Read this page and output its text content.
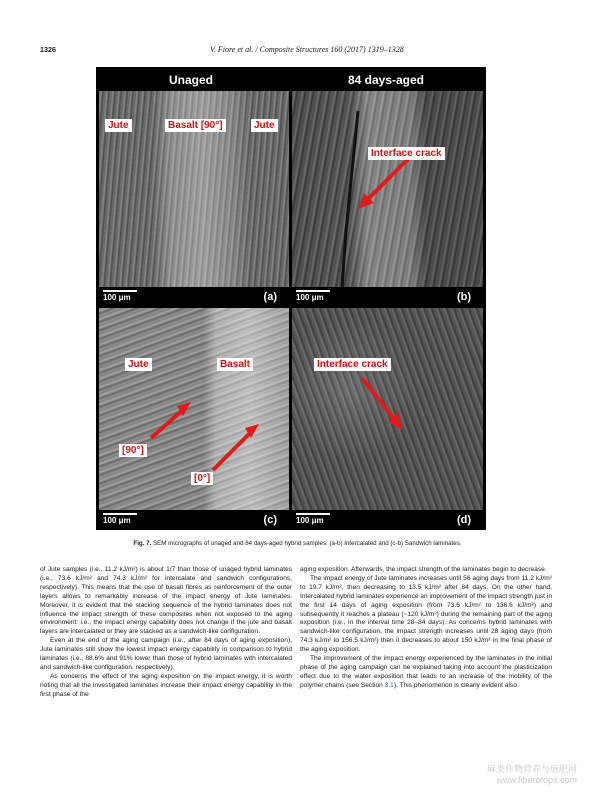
1326	V. Fiore et al. / Composite Structures 160 (2017) 1319–1328
Unaged	84 days-aged
Jute	Basalt [90°]	Jute
100 μm	(a)
Interface crack
100 μm	(b)
Jute	Basalt
[90°]
[0°]
100 μm	(c)
Interface crack
100 μm	(d)
Fig. 7. SEM micrographs of unaged and 84 days-aged hybrid samples: (a-b) Intercalated and (c-b) Sandwich laminates.

of Jute samples (i.e., 11.2 kJ/m²) is about 1/7 than those of unaged hybrid laminates (i.e., 73.6 kJ/m² and 74.3 kJ/m² for intercalate and sandwich configurations, respectively). This means that the use of basalt fibres as reinforcement of the outer layers allows to remarkably increase of the impact energy of Jute laminates. Moreover, it is evident that the stacking sequence of the hybrid laminates does not influence the impact strength of these composites when not exposed to the aging environment: i.e., the impact energy capability does not change if the jute and basalt layers are intercalated or they are stacked as a sandwich-like configuration.

Even at the end of the aging campaign (i.e., after 84 days of aging exposition), Jute laminates still show the lowest impact energy capability in comparison to hybrid laminates (i.e., 88.6% and 91% lower than those of hybrid laminates with intercalated and sandwich-like configuration, respectively).

As concerns the effect of the aging exposition on the impact energy, it is worth noting that all the investigated laminates increase their impact energy capability in the first phase of the

aging exposition. Afterwards, the impact strength of the laminates begin to decrease.

The impact energy of Jute laminates increases until 56 aging days from 11.2 kJ/m² to 19.7 kJ/m², then decreasing to 13.5 kJ/m² after 84 days. On the other hand, Intercalated hybrid laminates experience an improvement of the impact strength just in the first 14 days of aging exposition (from 73.6 kJ/m² to 136.6 kJ/m²) and subsequently it reaches a plateau (~120 kJ/m²) during the remaining part of the aging exposition (i.e., in the interval time 28–84 days). As concerns hybrid laminates with sandwich-like configuration, the impact strength increases until 28 aging days (from 74.3 kJ/m² to 156.5 kJ/m²) then it decreases to about 150 kJ/m² in the final phase of the aging exposition.

The improvement of the impact energy experienced by the laminates in the initial phase of the aging campaign can be explained taking into account the plasticization effect due to the water exposition that leads to an increase of the mobility of the polymer chains (see Section 3.1). This phenomenon is clearly evident also

麻类作物营养与施肥网
www.fibercrops.com
